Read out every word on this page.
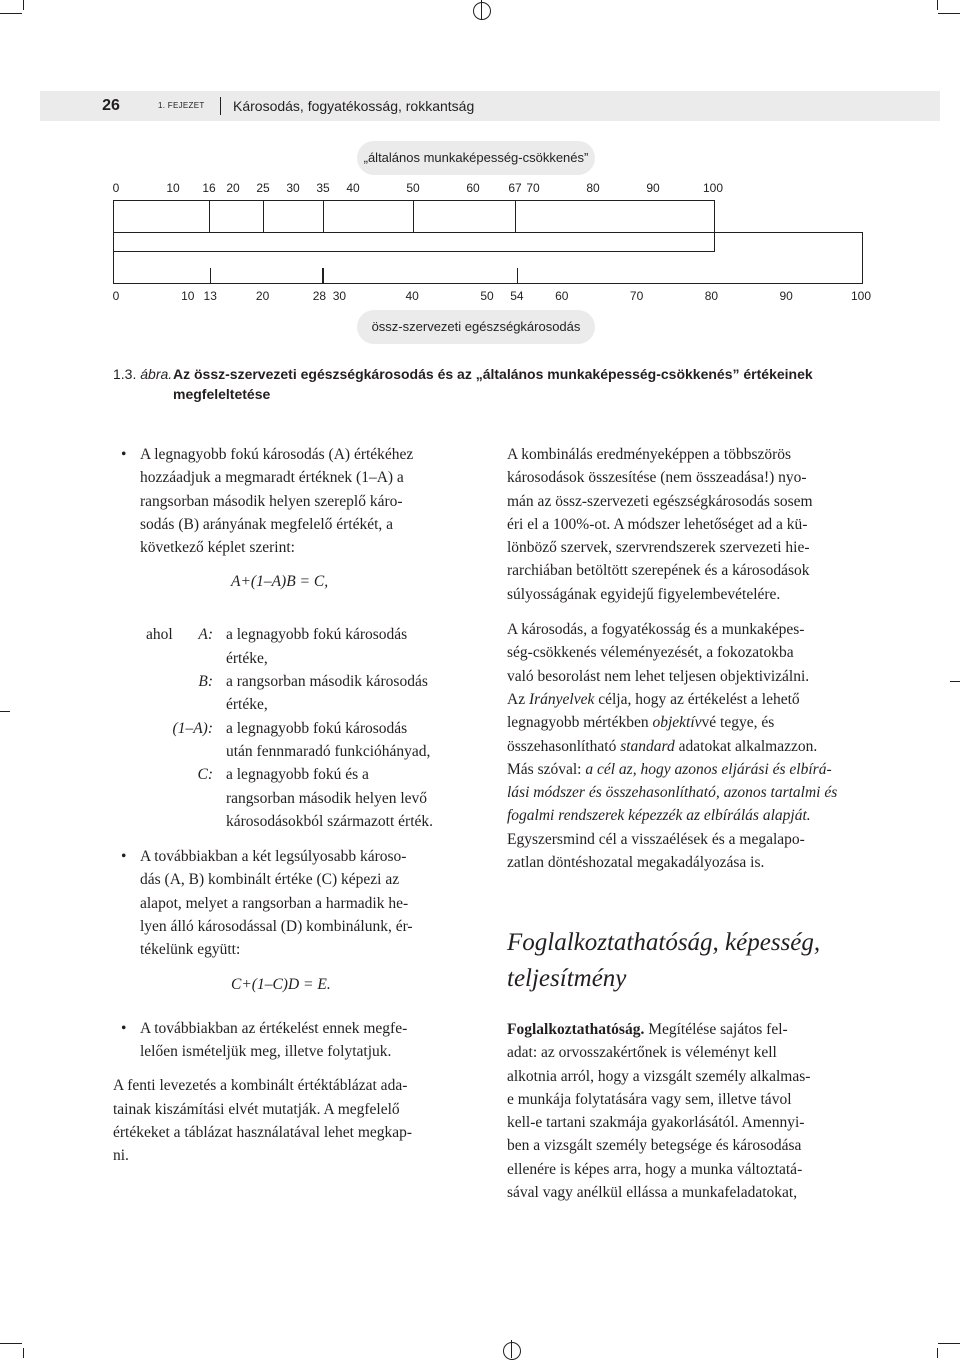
26	1. FEJEZET Károsodás, fogyatékosság, rokkantság
„általános munkaképesség-csökkenés”
0	10 16 20 25 30 35 40	50	60 67 70	80	90	100
0	10 13	20	28 30	40	50 54	60	70	80	90	100
össz-szervezeti egészségkárosodás
1.3. ábra.Az össz-szervezeti egészségkárosodás és az „általános munkaképesség-csökkenés” értékeinek
megfeleltetése
• A legnagyobb fokú károsodás (A) értékéhez
hozzáadjuk a megmaradt értéknek (1–A) a
rangsorban második helyen szereplő káro-
sodás (B) arányának megfelelő értékét, a
következő képlet szerint:
A+(1–A)B = C,
ahol	A: a legnagyobb fokú károsodás
értéke,
B: a rangsorban második károsodás
értéke,
(1–A): a legnagyobb fokú károsodás
után fennmaradó funkcióhányad,
C: a legnagyobb fokú és a
rangsorban második helyen levő
károsodásokból származott érték.
• A továbbiakban a két legsúlyosabb károso-
dás (A, B) kombinált értéke (C) képezi az
alapot, melyet a rangsorban a harmadik he-
lyen álló károsodással (D) kombinálunk, ér-
tékelünk együtt:
C+(1–C)D = E.
• A továbbiakban az értékelést ennek megfe-
lelően ismételjük meg, illetve folytatjuk.
A fenti levezetés a kombinált értéktáblázat ada-
tainak kiszámítási elvét mutatják. A megfelelő
értékeket a táblázat használatával lehet megkap-
ni.
A kombinálás eredményeképpen a többszörös
károsodások összesítése (nem összeadása!) nyo-
mán az össz-szervezeti egészségkárosodás sosem
éri el a 100%-ot. A módszer lehetőséget ad a kü-
lönböző szervek, szervrendszerek szervezeti hie-
rarchiában betöltött szerepének és a károsodások
súlyosságának egyidejű figyelembevételére.
A károsodás, a fogyatékosság és a munkaképes-
ség-csökkenés véleményezését, a fokozatokba
való besorolást nem lehet teljesen objektivizálni.
Az Irányelvek célja, hogy az értékelést a lehető
legnagyobb mértékben objektívvé tegye, és
összehasonlítható standard adatokat alkalmazzon.
Más szóval: a cél az, hogy azonos eljárási és elbírá-
lási módszer és összehasonlítható, azonos tartalmi és
fogalmi rendszerek képezzék az elbírálás alapját.
Egyszersmind cél a visszaélések és a megalapo-
zatlan döntéshozatal megakadályozása is.
Foglalkoztathatóság, képesség,
teljesítmény
Foglalkoztathatóság. Megítélése sajátos fel-
adat: az orvosszakértőnek is véleményt kell
alkotnia arról, hogy a vizsgált személy alkalmas-
e munkája folytatására vagy sem, illetve távol
kell-e tartani szakmája gyakorlásától. Amennyi-
ben a vizsgált személy betegsége és károsodása
ellenére is képes arra, hogy a munka változtatá-
sával vagy anélkül ellássa a munkafeladatokat,
